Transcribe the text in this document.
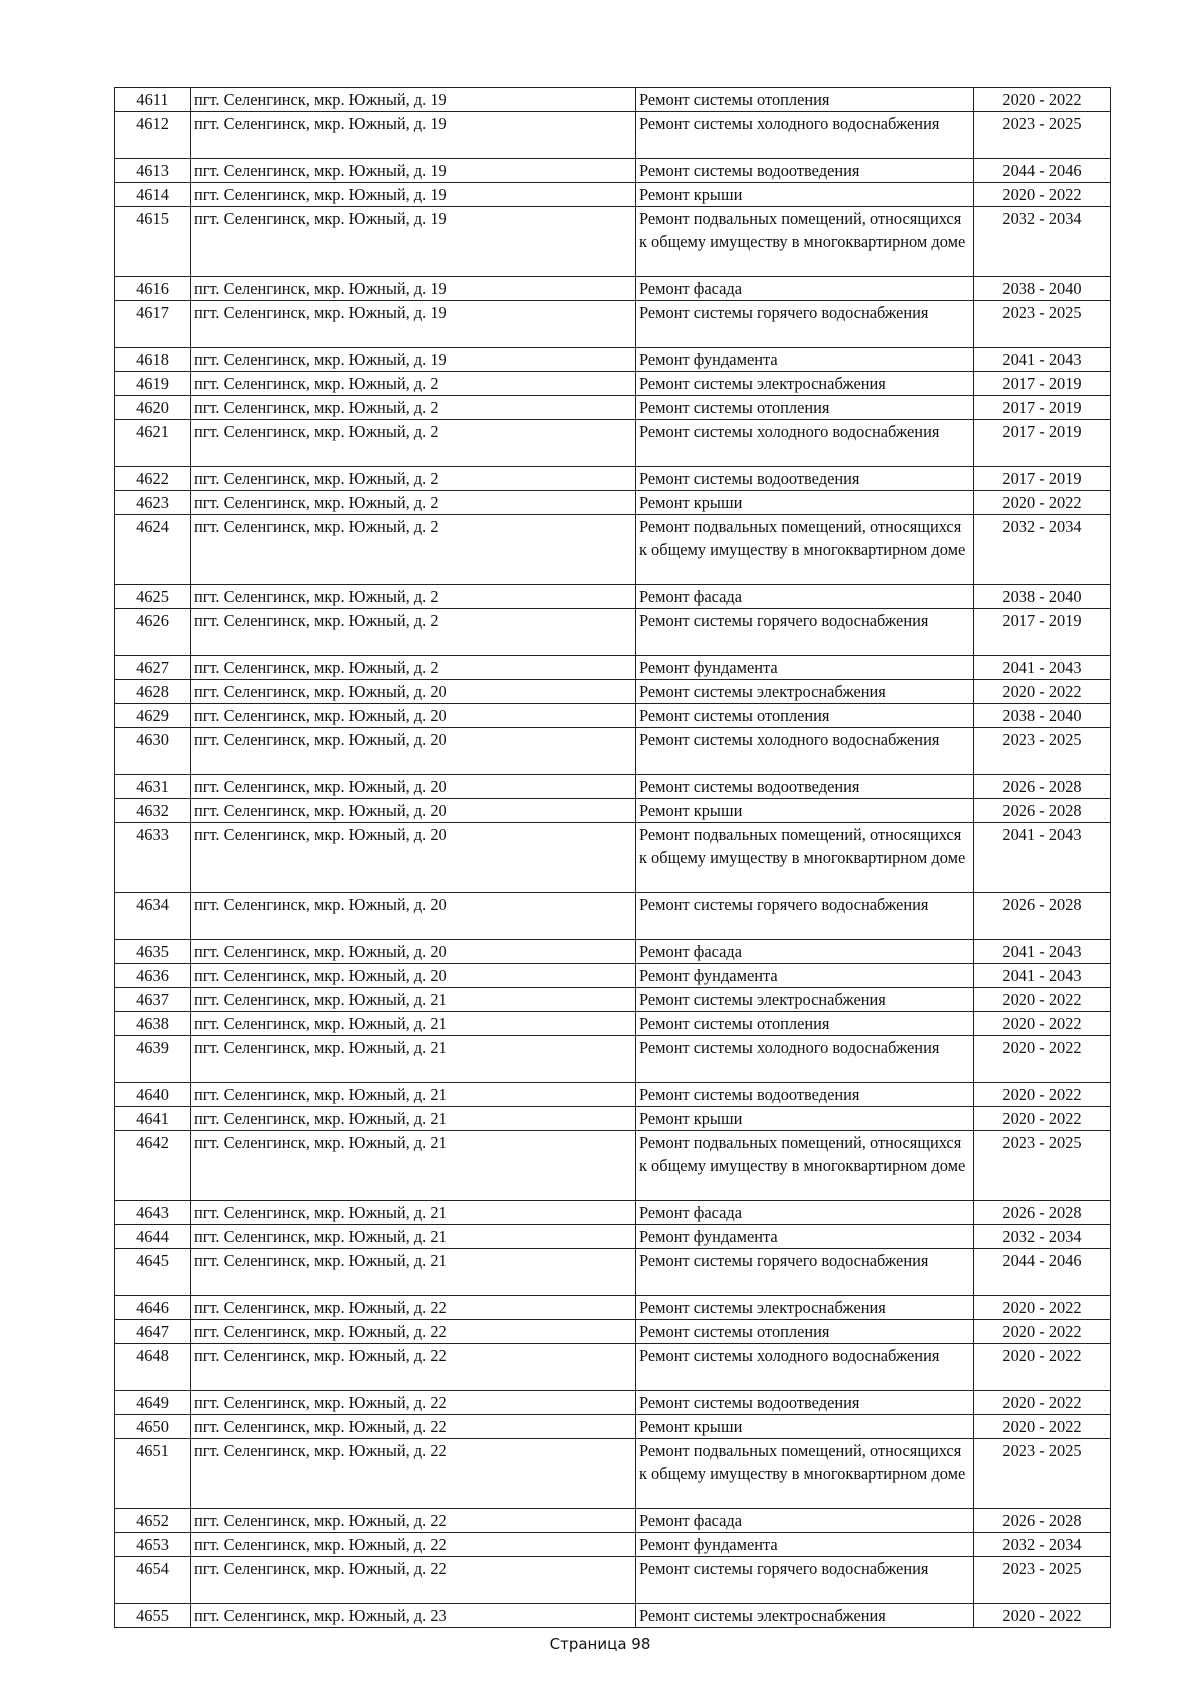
4611	пгт. Селенгинск, мкр. Южный, д. 19	Ремонт системы отопления	2020 - 2022
4612	пгт. Селенгинск, мкр. Южный, д. 19	Ремонт системы холодного водоснабжения	2023 - 2025
4613	пгт. Селенгинск, мкр. Южный, д. 19	Ремонт системы водоотведения	2044 - 2046
4614	пгт. Селенгинск, мкр. Южный, д. 19	Ремонт крыши	2020 - 2022
4615	пгт. Селенгинск, мкр. Южный, д. 19	Ремонт подвальных помещений, относящихся к общему имуществу в многоквартирном доме	2032 - 2034
4616	пгт. Селенгинск, мкр. Южный, д. 19	Ремонт фасада	2038 - 2040
4617	пгт. Селенгинск, мкр. Южный, д. 19	Ремонт системы горячего водоснабжения	2023 - 2025
4618	пгт. Селенгинск, мкр. Южный, д. 19	Ремонт фундамента	2041 - 2043
4619	пгт. Селенгинск, мкр. Южный, д. 2	Ремонт системы электроснабжения	2017 - 2019
4620	пгт. Селенгинск, мкр. Южный, д. 2	Ремонт системы отопления	2017 - 2019
4621	пгт. Селенгинск, мкр. Южный, д. 2	Ремонт системы холодного водоснабжения	2017 - 2019
4622	пгт. Селенгинск, мкр. Южный, д. 2	Ремонт системы водоотведения	2017 - 2019
4623	пгт. Селенгинск, мкр. Южный, д. 2	Ремонт крыши	2020 - 2022
4624	пгт. Селенгинск, мкр. Южный, д. 2	Ремонт подвальных помещений, относящихся к общему имуществу в многоквартирном доме	2032 - 2034
4625	пгт. Селенгинск, мкр. Южный, д. 2	Ремонт фасада	2038 - 2040
4626	пгт. Селенгинск, мкр. Южный, д. 2	Ремонт системы горячего водоснабжения	2017 - 2019
4627	пгт. Селенгинск, мкр. Южный, д. 2	Ремонт фундамента	2041 - 2043
4628	пгт. Селенгинск, мкр. Южный, д. 20	Ремонт системы электроснабжения	2020 - 2022
4629	пгт. Селенгинск, мкр. Южный, д. 20	Ремонт системы отопления	2038 - 2040
4630	пгт. Селенгинск, мкр. Южный, д. 20	Ремонт системы холодного водоснабжения	2023 - 2025
4631	пгт. Селенгинск, мкр. Южный, д. 20	Ремонт системы водоотведения	2026 - 2028
4632	пгт. Селенгинск, мкр. Южный, д. 20	Ремонт крыши	2026 - 2028
4633	пгт. Селенгинск, мкр. Южный, д. 20	Ремонт подвальных помещений, относящихся к общему имуществу в многоквартирном доме	2041 - 2043
4634	пгт. Селенгинск, мкр. Южный, д. 20	Ремонт системы горячего водоснабжения	2026 - 2028
4635	пгт. Селенгинск, мкр. Южный, д. 20	Ремонт фасада	2041 - 2043
4636	пгт. Селенгинск, мкр. Южный, д. 20	Ремонт фундамента	2041 - 2043
4637	пгт. Селенгинск, мкр. Южный, д. 21	Ремонт системы электроснабжения	2020 - 2022
4638	пгт. Селенгинск, мкр. Южный, д. 21	Ремонт системы отопления	2020 - 2022
4639	пгт. Селенгинск, мкр. Южный, д. 21	Ремонт системы холодного водоснабжения	2020 - 2022
4640	пгт. Селенгинск, мкр. Южный, д. 21	Ремонт системы водоотведения	2020 - 2022
4641	пгт. Селенгинск, мкр. Южный, д. 21	Ремонт крыши	2020 - 2022
4642	пгт. Селенгинск, мкр. Южный, д. 21	Ремонт подвальных помещений, относящихся к общему имуществу в многоквартирном доме	2023 - 2025
4643	пгт. Селенгинск, мкр. Южный, д. 21	Ремонт фасада	2026 - 2028
4644	пгт. Селенгинск, мкр. Южный, д. 21	Ремонт фундамента	2032 - 2034
4645	пгт. Селенгинск, мкр. Южный, д. 21	Ремонт системы горячего водоснабжения	2044 - 2046
4646	пгт. Селенгинск, мкр. Южный, д. 22	Ремонт системы электроснабжения	2020 - 2022
4647	пгт. Селенгинск, мкр. Южный, д. 22	Ремонт системы отопления	2020 - 2022
4648	пгт. Селенгинск, мкр. Южный, д. 22	Ремонт системы холодного водоснабжения	2020 - 2022
4649	пгт. Селенгинск, мкр. Южный, д. 22	Ремонт системы водоотведения	2020 - 2022
4650	пгт. Селенгинск, мкр. Южный, д. 22	Ремонт крыши	2020 - 2022
4651	пгт. Селенгинск, мкр. Южный, д. 22	Ремонт подвальных помещений, относящихся к общему имуществу в многоквартирном доме	2023 - 2025
4652	пгт. Селенгинск, мкр. Южный, д. 22	Ремонт фасада	2026 - 2028
4653	пгт. Селенгинск, мкр. Южный, д. 22	Ремонт фундамента	2032 - 2034
4654	пгт. Селенгинск, мкр. Южный, д. 22	Ремонт системы горячего водоснабжения	2023 - 2025
4655	пгт. Селенгинск, мкр. Южный, д. 23	Ремонт системы электроснабжения	2020 - 2022
Страница 98
